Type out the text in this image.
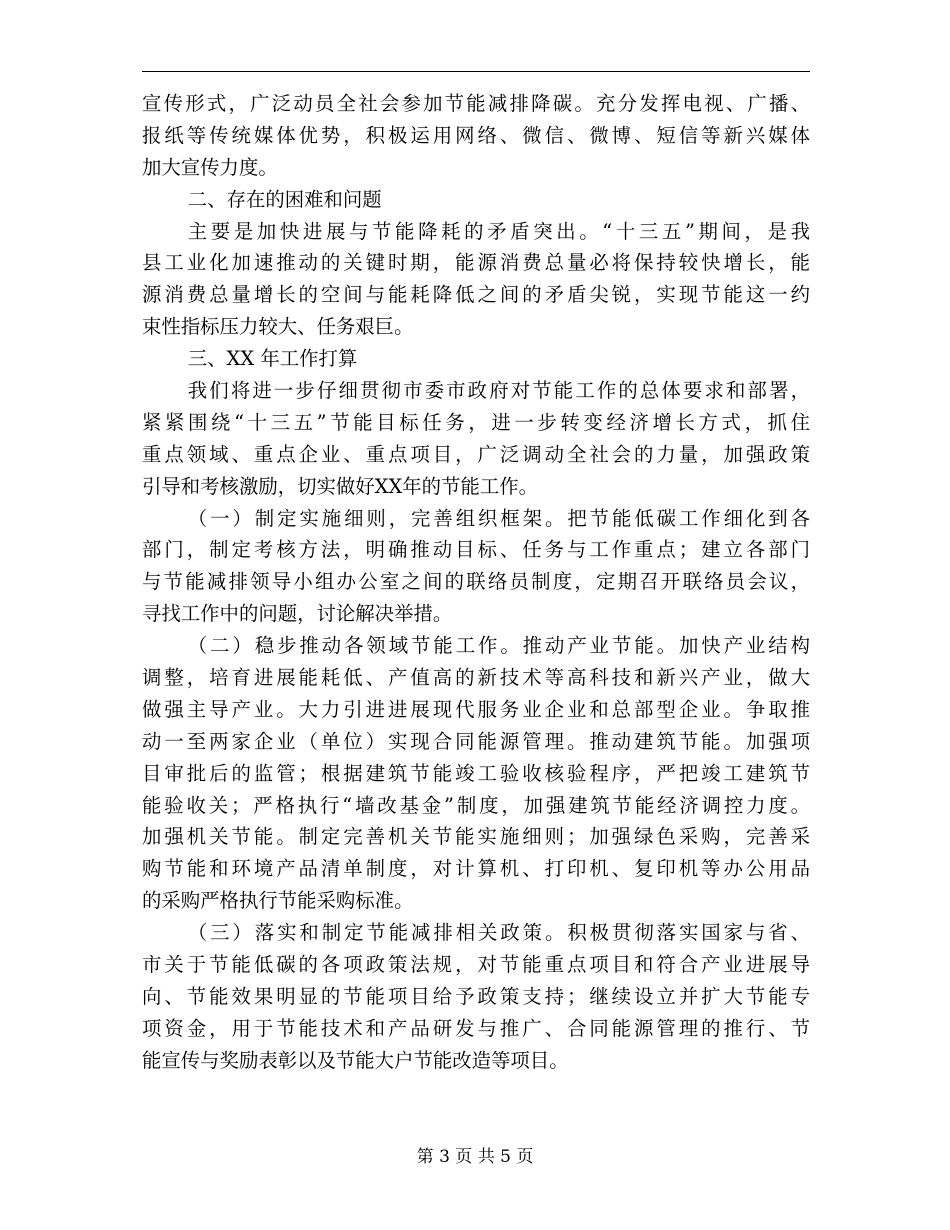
宣传形式，广泛动员全社会参加节能减排降碳。充分发挥电视、广播、
报纸等传统媒体优势，积极运用网络、微信、微博、短信等新兴媒体
加大宣传力度。
二、存在的困难和问题
主要是加快进展与节能降耗的矛盾突出。“十三五”期间，是我
县工业化加速推动的关键时期，能源消费总量必将保持较快增长，能
源消费总量增长的空间与能耗降低之间的矛盾尖锐，实现节能这一约
束性指标压力较大、任务艰巨。
三、XX 年工作打算
我们将进一步仔细贯彻市委市政府对节能工作的总体要求和部署，
紧紧围绕“十三五”节能目标任务，进一步转变经济增长方式，抓住
重点领域、重点企业、重点项目，广泛调动全社会的力量，加强政策
引导和考核激励，切实做好XX年的节能工作。
（一）制定实施细则，完善组织框架。把节能低碳工作细化到各
部门，制定考核方法，明确推动目标、任务与工作重点；建立各部门
与节能减排领导小组办公室之间的联络员制度，定期召开联络员会议，
寻找工作中的问题，讨论解决举措。
（二）稳步推动各领域节能工作。推动产业节能。加快产业结构
调整，培育进展能耗低、产值高的新技术等高科技和新兴产业，做大
做强主导产业。大力引进进展现代服务业企业和总部型企业。争取推
动一至两家企业（单位）实现合同能源管理。推动建筑节能。加强项
目审批后的监管；根据建筑节能竣工验收核验程序，严把竣工建筑节
能验收关；严格执行“墙改基金”制度，加强建筑节能经济调控力度。
加强机关节能。制定完善机关节能实施细则；加强绿色采购，完善采
购节能和环境产品清单制度，对计算机、打印机、复印机等办公用品
的采购严格执行节能采购标准。
（三）落实和制定节能减排相关政策。积极贯彻落实国家与省、
市关于节能低碳的各项政策法规，对节能重点项目和符合产业进展导
向、节能效果明显的节能项目给予政策支持；继续设立并扩大节能专
项资金，用于节能技术和产品研发与推广、合同能源管理的推行、节
能宣传与奖励表彰以及节能大户节能改造等项目。
第 3 页 共 5 页
